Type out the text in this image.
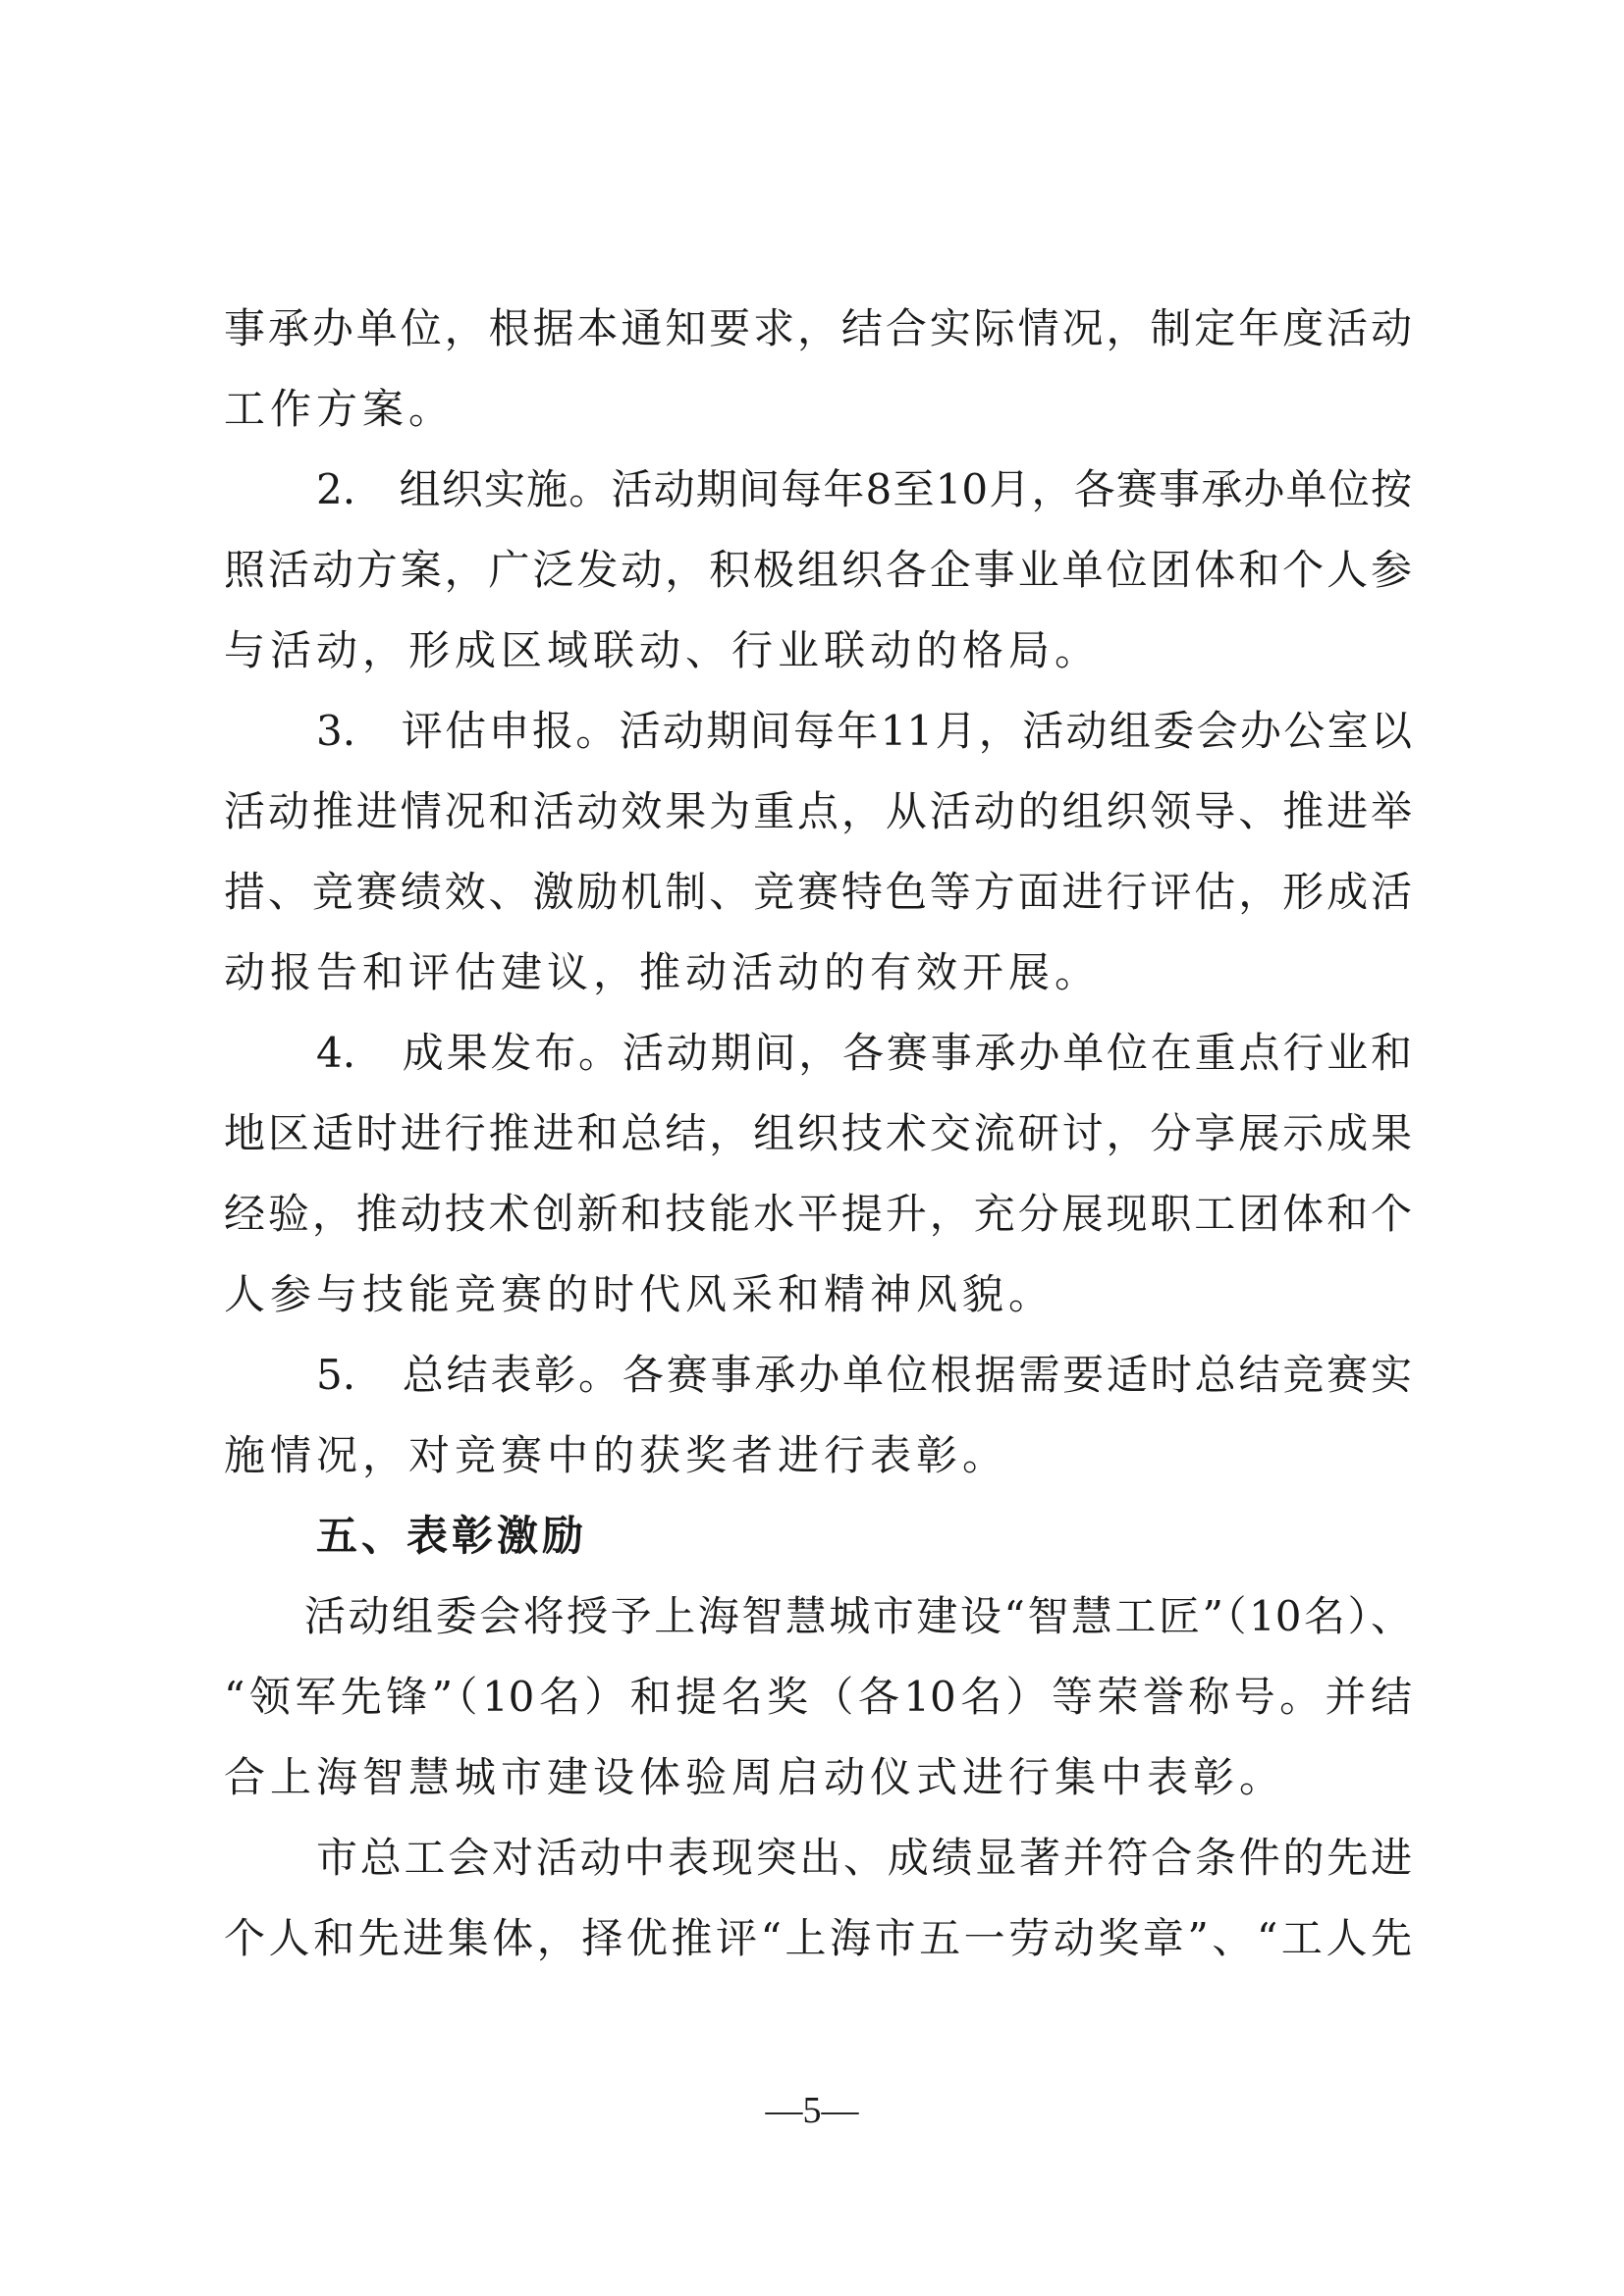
事承办单位，根据本通知要求，结合实际情况，制定年度活动
工作方案。
2.　组织实施。活动期间每年8至10月，各赛事承办单位按
照活动方案，广泛发动，积极组织各企事业单位团体和个人参
与活动，形成区域联动、行业联动的格局。
3.　评估申报。活动期间每年11月，活动组委会办公室以
活动推进情况和活动效果为重点，从活动的组织领导、推进举
措、竞赛绩效、激励机制、竞赛特色等方面进行评估，形成活
动报告和评估建议，推动活动的有效开展。
4.　成果发布。活动期间，各赛事承办单位在重点行业和
地区适时进行推进和总结，组织技术交流研讨，分享展示成果
经验，推动技术创新和技能水平提升，充分展现职工团体和个
人参与技能竞赛的时代风采和精神风貌。
5.　总结表彰。各赛事承办单位根据需要适时总结竞赛实
施情况，对竞赛中的获奖者进行表彰。
五、表彰激励
活动组委会将授予上海智慧城市建设“智慧工匠”（10名）、
“领军先锋”（10名）和提名奖（各10名）等荣誉称号。并结
合上海智慧城市建设体验周启动仪式进行集中表彰。
市总工会对活动中表现突出、成绩显著并符合条件的先进
个人和先进集体，择优推评“上海市五一劳动奖章”、“工人先
—5—
